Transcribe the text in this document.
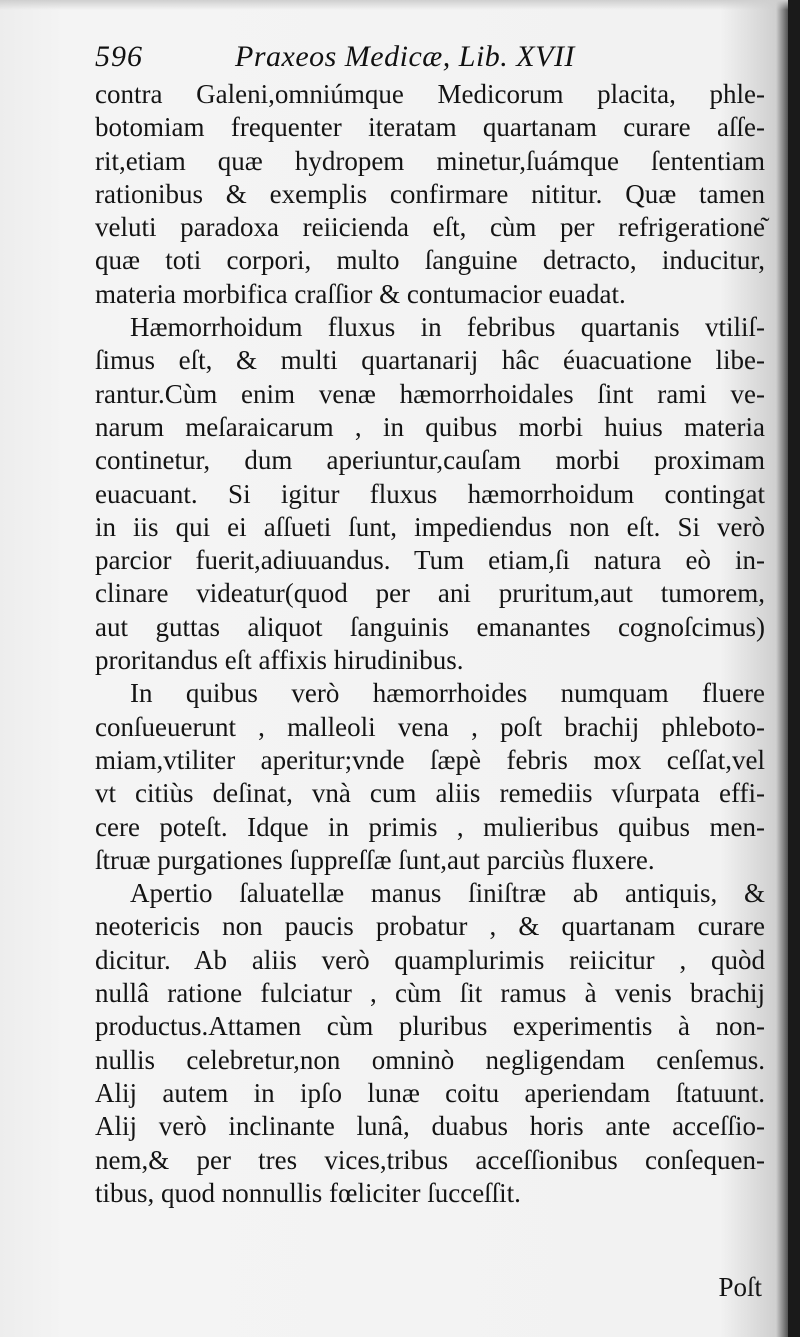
596	Praxeos Medicæ, Lib. XVII
contra Galeni,omniúmque Medicorum placita, phle-
botomiam frequenter iteratam quartanam curare aſſe-
rit,etiam quæ hydropem minetur,ſuámque ſententiam
rationibus & exemplis confirmare nititur. Quæ tamen
veluti paradoxa reiicienda eſt, cùm per refrigeratione͂
quæ toti corpori, multo ſanguine detracto, inducitur,
materia morbifica craſſior & contumacior euadat.
Hæmorrhoidum fluxus in febribus quartanis vtiliſ-
ſimus eſt, & multi quartanarij hâc éuacuatione libe-
rantur.Cùm enim venæ hæmorrhoidales ſint rami ve-
narum meſaraicarum , in quibus morbi huius materia
continetur, dum aperiuntur,cauſam morbi proximam
euacuant. Si igitur fluxus hæmorrhoidum contingat
in iis qui ei aſſueti ſunt, impediendus non eſt. Si verò
parcior fuerit,adiuuandus. Tum etiam,ſi natura eò in-
clinare videatur(quod per ani pruritum,aut tumorem,
aut guttas aliquot ſanguinis emanantes cognoſcimus)
proritandus eſt affixis hirudinibus.
In quibus verò hæmorrhoides numquam fluere
conſueuerunt , malleoli vena , poſt brachij phleboto-
miam,vtiliter aperitur;vnde ſæpè febris mox ceſſat,vel
vt citiùs deſinat, vnà cum aliis remediis vſurpata effi-
cere poteſt. Idque in primis , mulieribus quibus men-
ſtruæ purgationes ſuppreſſæ ſunt,aut parciùs fluxere.
Apertio ſaluatellæ manus ſiniſtræ ab antiquis, &
neotericis non paucis probatur , & quartanam curare
dicitur. Ab aliis verò quamplurimis reiicitur , quòd
nullâ ratione fulciatur , cùm ſit ramus à venis brachij
productus.Attamen cùm pluribus experimentis à non-
nullis celebretur,non omninò negligendam cenſemus.
Alij autem in ipſo lunæ coitu aperiendam ſtatuunt.
Alij verò inclinante lunâ, duabus horis ante acceſſio-
nem,& per tres vices,tribus acceſſionibus conſequen-
tibus, quod nonnullis fœliciter ſucceſſit.
Poſt
